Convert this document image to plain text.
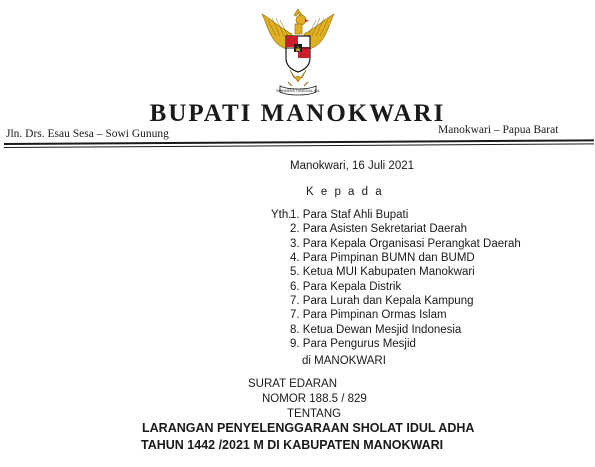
BHINNEKA TUNGGAL IKA
BUPATI MANOKWARI
Jln. Drs. Esau Sesa – Sowi Gunung	Manokwari – Papua Barat
Manokwari, 16 Juli 2021
K e p a d a
Yth.
1. Para Staf Ahli Bupati
2. Para Asisten Sekretariat Daerah
3. Para Kepala Organisasi Perangkat Daerah
4. Para Pimpinan BUMN dan BUMD
5. Ketua MUI Kabupaten Manokwari
6. Para Kepala Distrik
7. Para Lurah dan Kepala Kampung
7. Para Pimpinan Ormas Islam
8. Ketua Dewan Mesjid Indonesia
9. Para Pengurus Mesjid
di MANOKWARI
SURAT EDARAN
NOMOR 188.5 / 829
TENTANG
LARANGAN PENYELENGGARAAN SHOLAT IDUL ADHA
TAHUN 1442 /2021 M DI KABUPATEN MANOKWARI
